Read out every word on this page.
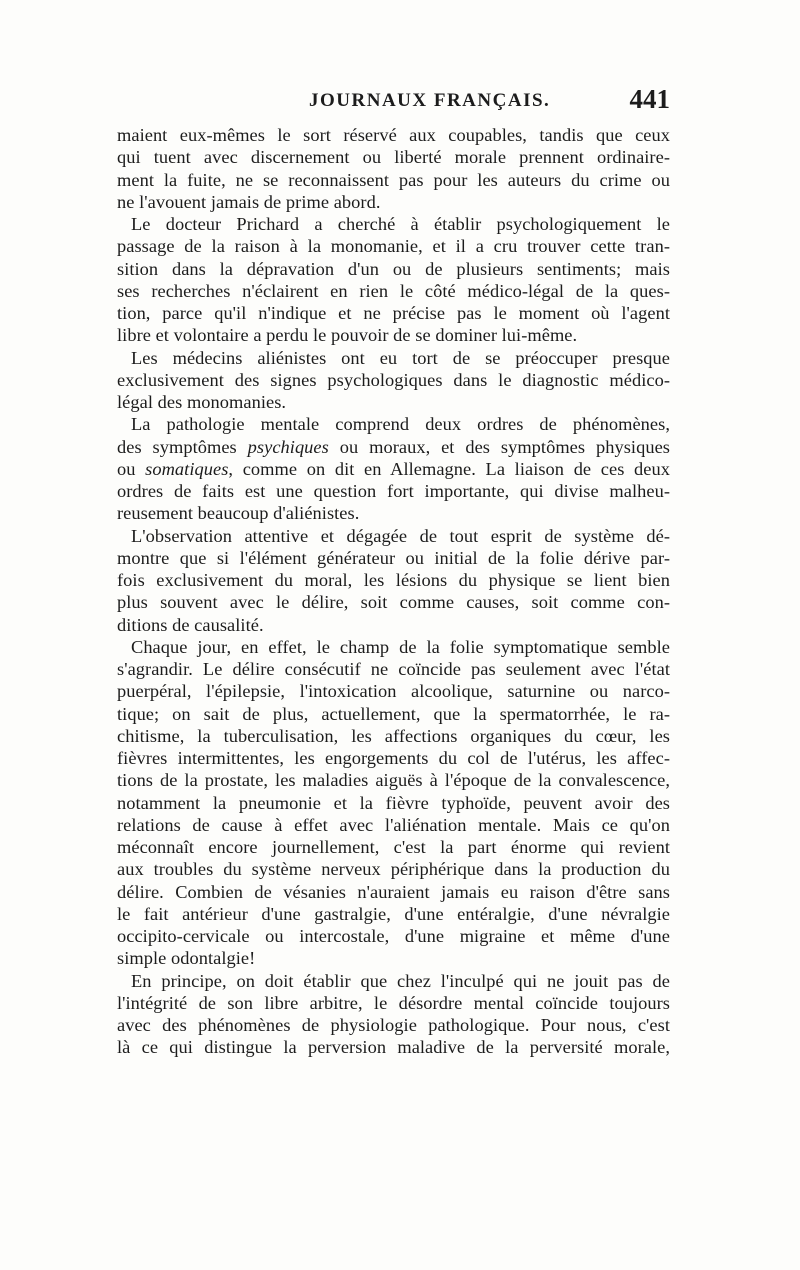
JOURNAUX FRANÇAIS.	441
maient eux-mêmes le sort réservé aux coupables, tandis que ceux
qui tuent avec discernement ou liberté morale prennent ordinaire-
ment la fuite, ne se reconnaissent pas pour les auteurs du crime ou
ne l'avouent jamais de prime abord.
Le docteur Prichard a cherché à établir psychologiquement le
passage de la raison à la monomanie, et il a cru trouver cette tran-
sition dans la dépravation d'un ou de plusieurs sentiments; mais
ses recherches n'éclairent en rien le côté médico-légal de la ques-
tion, parce qu'il n'indique et ne précise pas le moment où l'agent
libre et volontaire a perdu le pouvoir de se dominer lui-même.
Les médecins aliénistes ont eu tort de se préoccuper presque
exclusivement des signes psychologiques dans le diagnostic médico-
légal des monomanies.
La pathologie mentale comprend deux ordres de phénomènes,
des symptômes psychiques ou moraux, et des symptômes physiques
ou somatiques, comme on dit en Allemagne. La liaison de ces deux
ordres de faits est une question fort importante, qui divise malheu-
reusement beaucoup d'aliénistes.
L'observation attentive et dégagée de tout esprit de système dé-
montre que si l'élément générateur ou initial de la folie dérive par-
fois exclusivement du moral, les lésions du physique se lient bien
plus souvent avec le délire, soit comme causes, soit comme con-
ditions de causalité.
Chaque jour, en effet, le champ de la folie symptomatique semble
s'agrandir. Le délire consécutif ne coïncide pas seulement avec l'état
puerpéral, l'épilepsie, l'intoxication alcoolique, saturnine ou narco-
tique; on sait de plus, actuellement, que la spermatorrhée, le ra-
chitisme, la tuberculisation, les affections organiques du cœur, les
fièvres intermittentes, les engorgements du col de l'utérus, les affec-
tions de la prostate, les maladies aiguës à l'époque de la convalescence,
notamment la pneumonie et la fièvre typhoïde, peuvent avoir des
relations de cause à effet avec l'aliénation mentale. Mais ce qu'on
méconnaît encore journellement, c'est la part énorme qui revient
aux troubles du système nerveux périphérique dans la production du
délire. Combien de vésanies n'auraient jamais eu raison d'être sans
le fait antérieur d'une gastralgie, d'une entéralgie, d'une névralgie
occipito-cervicale ou intercostale, d'une migraine et même d'une
simple odontalgie!
En principe, on doit établir que chez l'inculpé qui ne jouit pas de
l'intégrité de son libre arbitre, le désordre mental coïncide toujours
avec des phénomènes de physiologie pathologique. Pour nous, c'est
là ce qui distingue la perversion maladive de la perversité morale,
